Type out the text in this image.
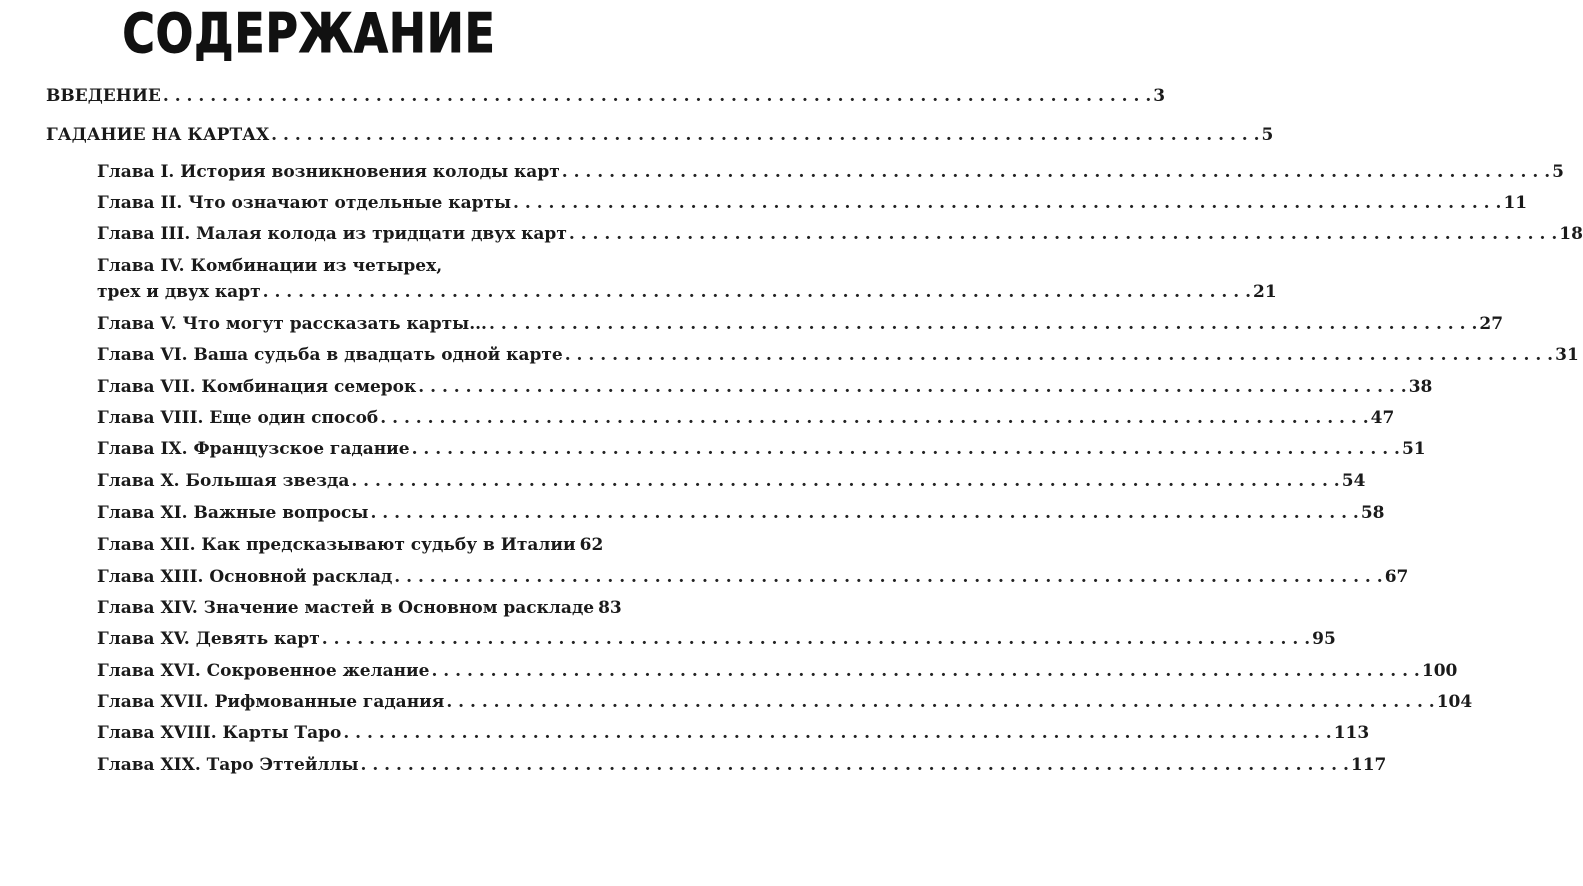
СОДЕРЖАНИЕ
ВВЕДЕНИЕ . . .	3
ГАДАНИЕ НА КАРТАХ . . .	5
Глава I. История возникновения колоды карт . . .	5
Глава II. Что означают отдельные карты . . .	11
Глава III. Малая колода из тридцати двух карт . . .	18
Глава IV. Комбинации из четырех,
трех и двух карт . . .	21
Глава V. Что могут рассказать карты... . . .	27
Глава VI. Ваша судьба в двадцать одной карте . . .	31
Глава VII. Комбинация семерок . . .	38
Глава VIII. Еще один способ . . .	47
Глава IX. Французское гадание . . .	51
Глава X. Большая звезда . . .	54
Глава XI. Важные вопросы . . .	58
Глава XII. Как предсказывают судьбу в Италии 62
Глава XIII. Основной расклад . . .	67
Глава XIV. Значение мастей в Основном раскладе 83
Глава XV. Девять карт . . .	95
Глава XVI. Сокровенное желание . . .	100
Глава XVII. Рифмованные гадания . . .	104
Глава XVIII. Карты Таро . . .	113
Глава XIX. Таро Эттейллы . . .	117
